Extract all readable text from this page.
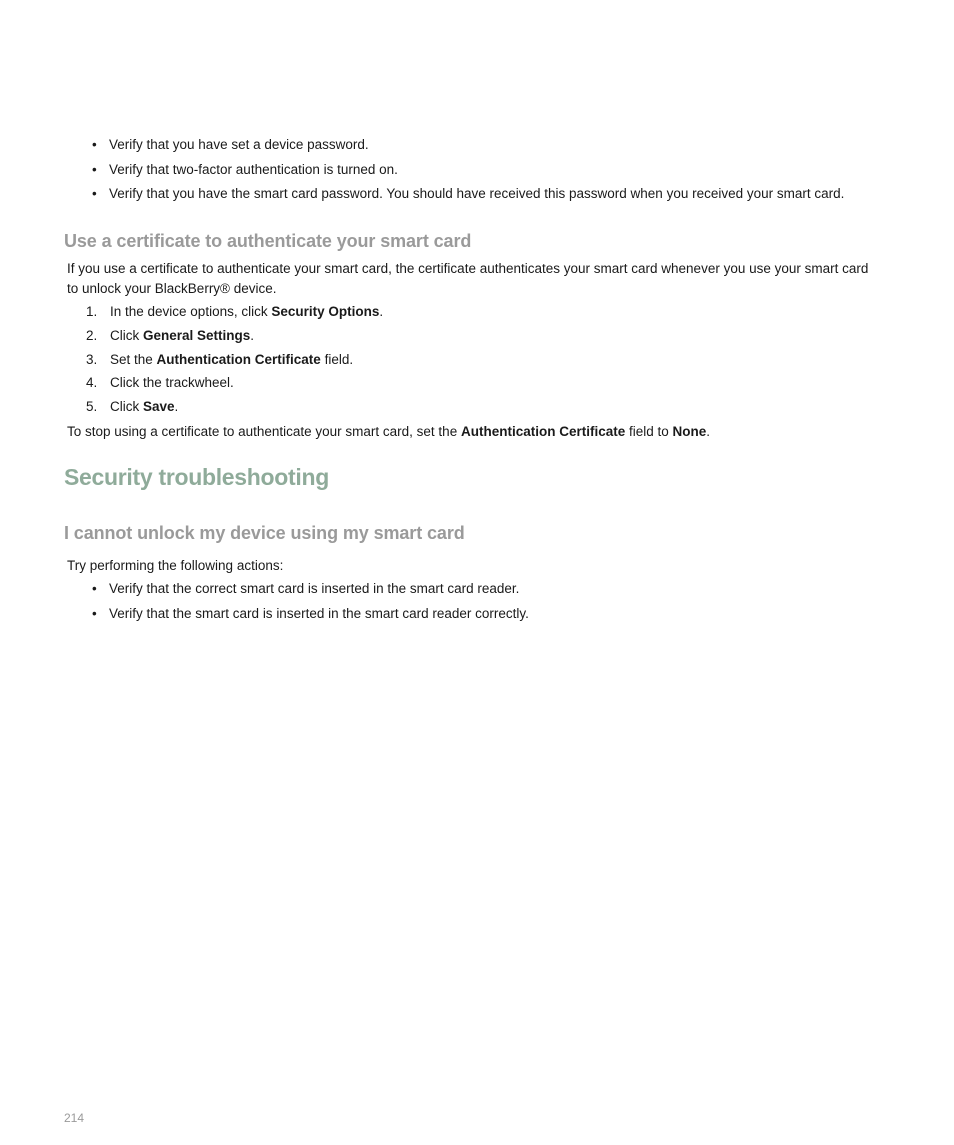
• Verify that you have set a device password.
• Verify that two-factor authentication is turned on.
• Verify that you have the smart card password. You should have received this password when you received your smart card.
Use a certificate to authenticate your smart card

If you use a certificate to authenticate your smart card, the certificate authenticates your smart card whenever you use your smart card
to unlock your BlackBerry® device.

1. In the device options, click Security Options.
2. Click General Settings.
3. Set the Authentication Certificate field.
4. Click the trackwheel.
5. Click Save.

To stop using a certificate to authenticate your smart card, set the Authentication Certificate field to None.

Security troubleshooting
I cannot unlock my device using my smart card

Try performing the following actions:

• Verify that the correct smart card is inserted in the smart card reader.
• Verify that the smart card is inserted in the smart card reader correctly.
214
